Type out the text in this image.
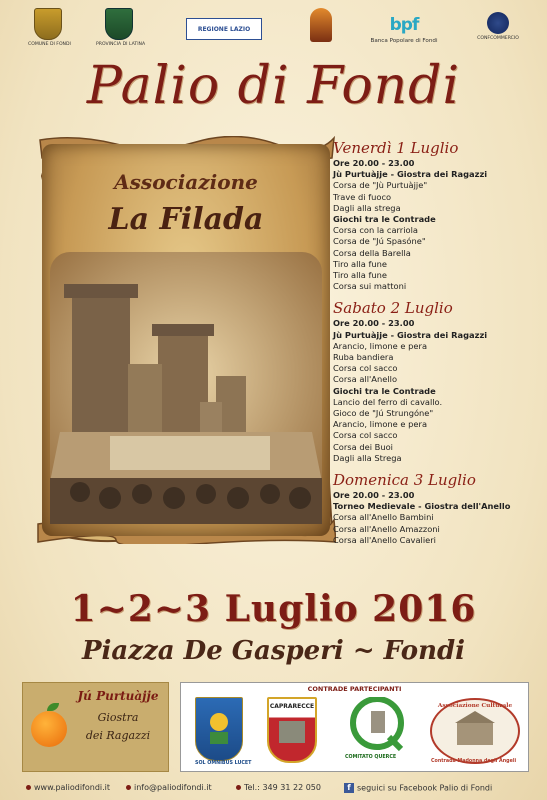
COMUNE DI FONDI	PROVINCIA DI LATINA
REGIONE LAZIO	bpf
Banca Popolare di Fondi	CONFCOMMERCIO
Palio di Fondi
Associazione
La Filada
Venerdì 1 Luglio
Ore 20.00 - 23.00
Jù Purtuàjje - Giostra dei Ragazzi
Corsa de "Jù Purtuàjje"
Trave di fuoco
Dagli alla strega
Giochi tra le Contrade
Corsa con la carriola
Corsa de "Jú Spasóne"
Corsa della Barella
Tiro alla fune
Tiro alla fune
Corsa sui mattoni
Sabato 2 Luglio
Ore 20.00 - 23.00
Jù Purtuàjje - Giostra dei Ragazzi
Arancio, limone e pera
Ruba bandiera
Corsa col sacco
Corsa all'Anello
Giochi tra le Contrade
Lancio del ferro di cavallo.
Gioco de "Jú Strungóne"
Arancio, limone e pera
Corsa col sacco
Corsa dei Buoi
Dagli alla Strega
Domenica 3 Luglio
Ore 20.00 - 23.00
Torneo Medievale - Giostra dell'Anello
Corsa all'Anello Bambini
Corsa all'Anello Amazzoni
Corsa all'Anello Cavalieri
1~2~3 Luglio 2016
Piazza De Gasperi ~ Fondi
Jú Purtuàjje
Giostra
dei Ragazzi
CONTRADE PARTECIPANTI
SOL OMNIBUS LUCET
CAPRARECCE
COMITATO QUERCE
Associazione Culturale
Contrada Madonna degli Angeli
www.paliodifondi.it	info@paliodifondi.it	Tel.: 349 31 22 050	f seguici su Facebook Palio di Fondi
